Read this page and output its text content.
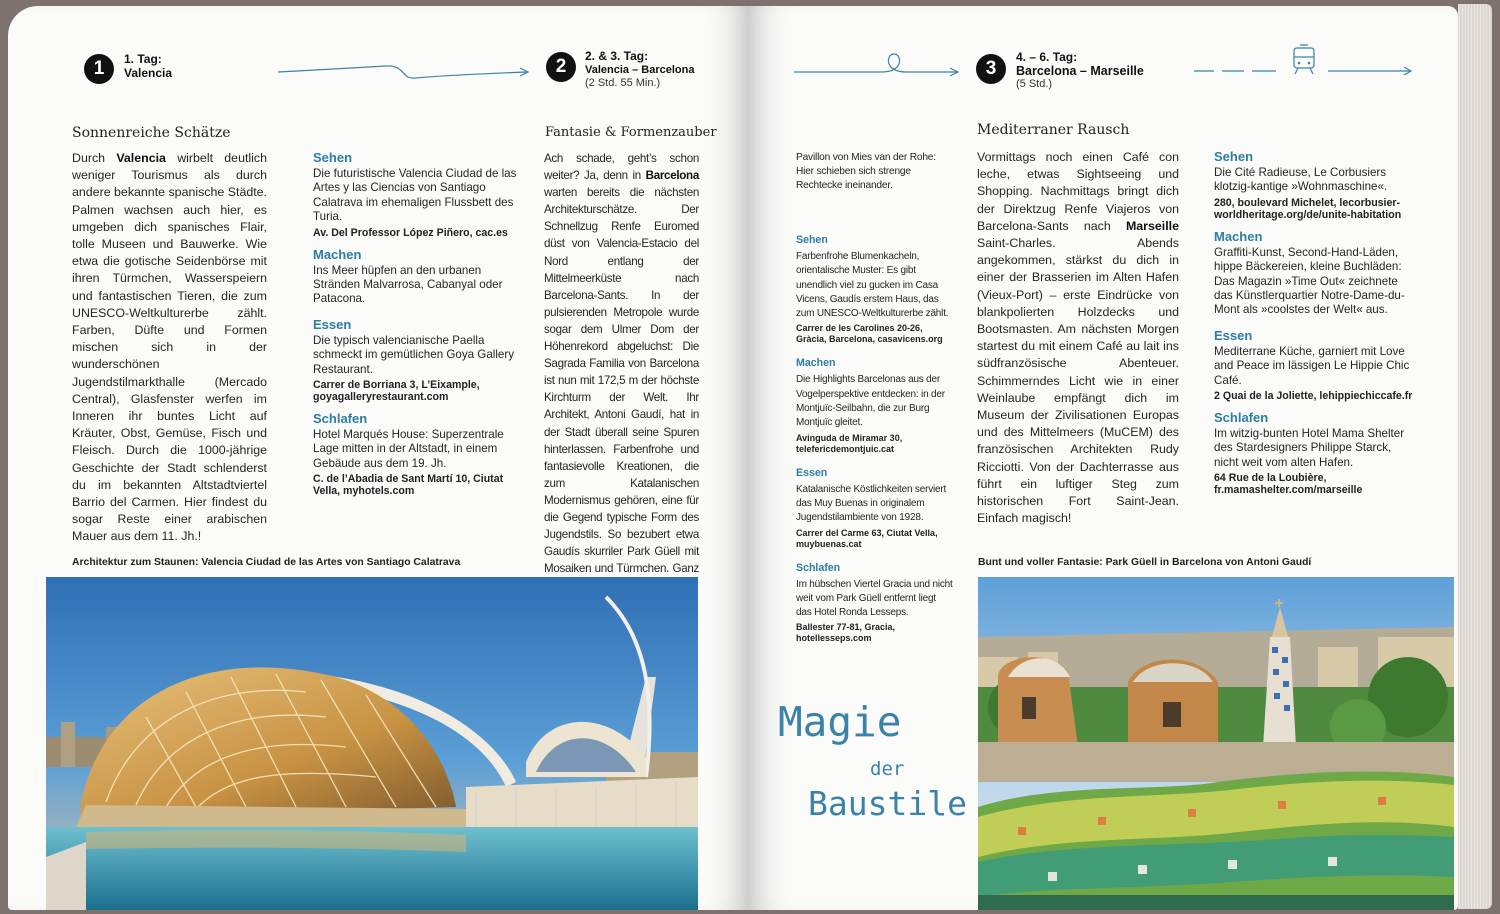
1	1. Tag:
Valencia	2	2. & 3. Tag:
Valencia – Barcelona
(2 Std. 55 Min.)
Sonnenreiche Schätze
Durch Valencia wirbelt deutlich weniger Tourismus als durch andere bekannte spanische Städte. Palmen wachsen auch hier, es umgeben dich spanisches Flair, tolle Museen und Bauwerke. Wie etwa die gotische Seidenbörse mit ihren Türmchen, Wasserspeiern und fantastischen Tieren, die zum UNESCO-Weltkulturerbe zählt. Farben, Düfte und Formen mischen sich in der wunderschönen Jugendstilmarkthalle (Mercado Central), Glasfenster werfen im Inneren ihr buntes Licht auf Kräuter, Obst, Gemüse, Fisch und Fleisch. Durch die 1000-jährige Geschichte der Stadt schlenderst du im bekannten Altstadtviertel Barrio del Carmen. Hier findest du sogar Reste einer arabischen Mauer aus dem 11. Jh.!

Sehen

Die futuristische Valencia Ciudad de las Artes y las Ciencias von Santiago Calatrava im ehemaligen Flussbett des Turia.

Av. Del Professor López Piñero, cac.es

Machen

Ins Meer hüpfen an den urbanen Stränden Malvarrosa, Cabanyal oder Patacona.

Essen

Die typisch valencianische Paella schmeckt im gemütlichen Goya Gallery Restaurant.

Carrer de Borriana 3, L’Eixample, goyagalleryrestaurant.com

Schlafen

Hotel Marqués House: Superzentrale Lage mitten in der Altstadt, in einem Gebäude aus dem 19. Jh.

C. de l’Abadia de Sant Martí 10, Ciutat Vella, myhotels.com

Fantasie & Formenzauber
Ach schade, geht’s schon weiter? Ja, denn in Barcelona warten bereits die nächsten Architekturschätze. Der Schnellzug Renfe Euromed düst von Valencia-Estacio del Nord entlang der Mittelmeerküste nach Barcelona-Sants. In der pulsierenden Metropole wurde sogar dem Ulmer Dom der Höhenrekord abgeluchst: Die Sagrada Familia von Barcelona ist nun mit 172,5 m der höchste Kirchturm der Welt. Ihr Architekt, Antoni Gaudí, hat in der Stadt überall seine Spuren hinterlassen. Farbenfrohe und fantasievolle Kreationen, die zum Katalanischen Modernismus gehören, eine für die Gegend typische Form des Jugendstils. So bezubert etwa Gaudís skurriler Park Güell mit Mosaiken und Türmchen. Ganz
Architektur zum Staunen: Valencia Ciudad de las Artes von Santiago Calatrava
3
4. – 6. Tag:
Barcelona – Marseille
(5 Std.)
Pavillon von Mies van der Rohe: Hier schieben sich strenge Rechtecke ineinander.

Sehen

Farbenfrohe Blumenkacheln, orientalische Muster: Es gibt unendlich viel zu gucken im Casa Vicens, Gaudís erstem Haus, das zum UNESCO-Weltkulturerbe zählt.

Carrer de les Carolines 20-26, Gràcia, Barcelona, casavicens.org

Machen

Die Highlights Barcelonas aus der Vogelperspektive entdecken: in der Montjuïc-Seilbahn, die zur Burg Montjuïc gleitet.

Avinguda de Miramar 30, telefericdemontjuic.cat

Essen

Katalanische Köstlichkeiten serviert das Muy Buenas in originalem Jugendstilambiente von 1928.

Carrer del Carme 63, Ciutat Vella, muybuenas.cat

Schlafen

Im hübschen Viertel Gracia und nicht weit vom Park Güell entfernt liegt das Hotel Ronda Lesseps.

Ballester 77-81, Gracia, hotellesseps.com

Mediterraner Rausch
Vormittags noch einen Café con leche, etwas Sightseeing und Shopping. Nachmittags bringt dich der Direktzug Renfe Viajeros von Barcelona-Sants nach Marseille Saint-Charles. Abends angekommen, stärkst du dich in einer der Brasserien im Alten Hafen (Vieux-Port) – erste Eindrücke von blankpolierten Holzdecks und Bootsmasten. Am nächsten Morgen startest du mit einem Café au lait ins südfranzösische Abenteuer. Schimmerndes Licht wie in einer Weinlaube empfängt dich im Museum der Zivilisationen Europas und des Mittelmeers (MuCEM) des französischen Architekten Rudy Ricciotti. Von der Dachterrasse aus führt ein luftiger Steg zum historischen Fort Saint-Jean. Einfach magisch!

Sehen

Die Cité Radieuse, Le Corbusiers klotzig-kantige »Wohnmaschine«.

280, boulevard Michelet, lecorbusier-worldheritage.org/de/unite-habitation

Machen

Graffiti-Kunst, Second-Hand-Läden, hippe Bäckereien, kleine Buchläden: Das Magazin »Time Out« zeichnete das Künstlerquartier Notre-Dame-du-Mont als »coolstes der Welt« aus.

Essen

Mediterrane Küche, garniert mit Love and Peace im lässigen Le Hippie Chic Café.

2 Quai de la Joliette, lehippiechiccafe.fr

Schlafen

Im witzig-bunten Hotel Mama Shelter des Stardesigners Philippe Starck, nicht weit vom alten Hafen.

64 Rue de la Loubière, fr.mamashelter.com/marseille

Bunt und voller Fantasie: Park Güell in Barcelona von Antoni Gaudí
Magie
der
Baustile
